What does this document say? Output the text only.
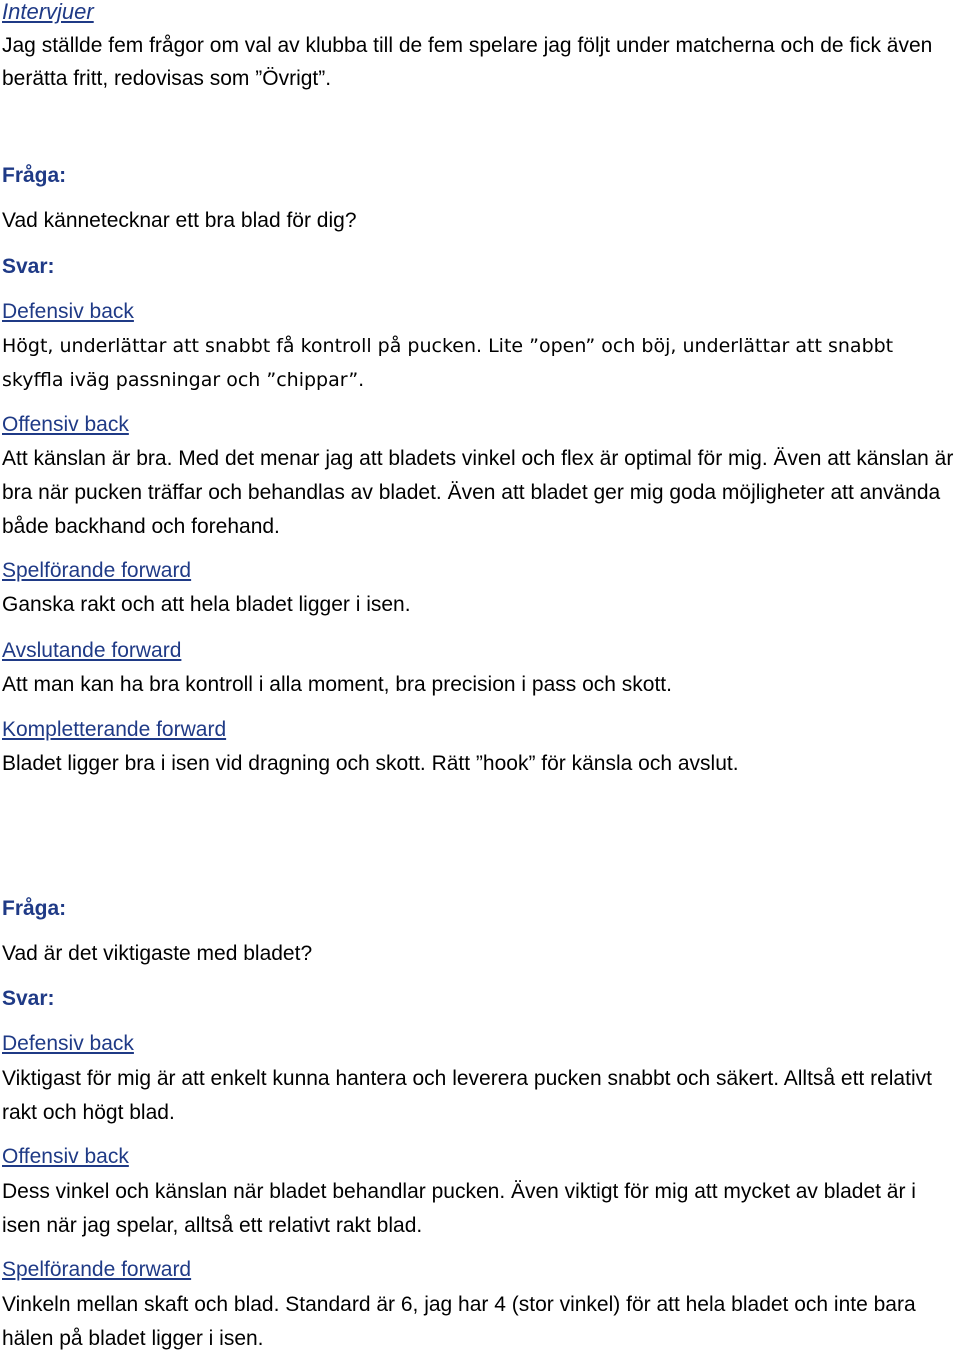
Intervjuer
Jag ställde fem frågor om val av klubba till de fem spelare jag följt under matcherna och de fick även berätta fritt, redovisas som ”Övrigt”.
Fråga:
Vad kännetecknar ett bra blad för dig?
Svar:
Defensiv back
Högt, underlättar att snabbt få kontroll på pucken. Lite ”open” och böj, underlättar att snabbt skyffla iväg passningar och ”chippar”.
Offensiv back
Att känslan är bra. Med det menar jag att bladets vinkel och flex är optimal för mig. Även att känslan är bra när pucken träffar och behandlas av bladet. Även att bladet ger mig goda möjligheter att använda både backhand och forehand.
Spelförande forward
Ganska rakt och att hela bladet ligger i isen.
Avslutande forward
Att man kan ha bra kontroll i alla moment, bra precision i pass och skott.
Kompletterande forward
Bladet ligger bra i isen vid dragning och skott. Rätt ”hook” för känsla och avslut.
Fråga:
Vad är det viktigaste med bladet?
Svar:
Defensiv back
Viktigast för mig är att enkelt kunna hantera och leverera pucken snabbt och säkert. Alltså ett relativt rakt och högt blad.
Offensiv back
Dess vinkel och känslan när bladet behandlar pucken. Även viktigt för mig att mycket av bladet är i isen när jag spelar, alltså ett relativt rakt blad.
Spelförande forward
Vinkeln mellan skaft och blad. Standard är 6, jag har 4 (stor vinkel) för att hela bladet och inte bara hälen på bladet ligger i isen.
